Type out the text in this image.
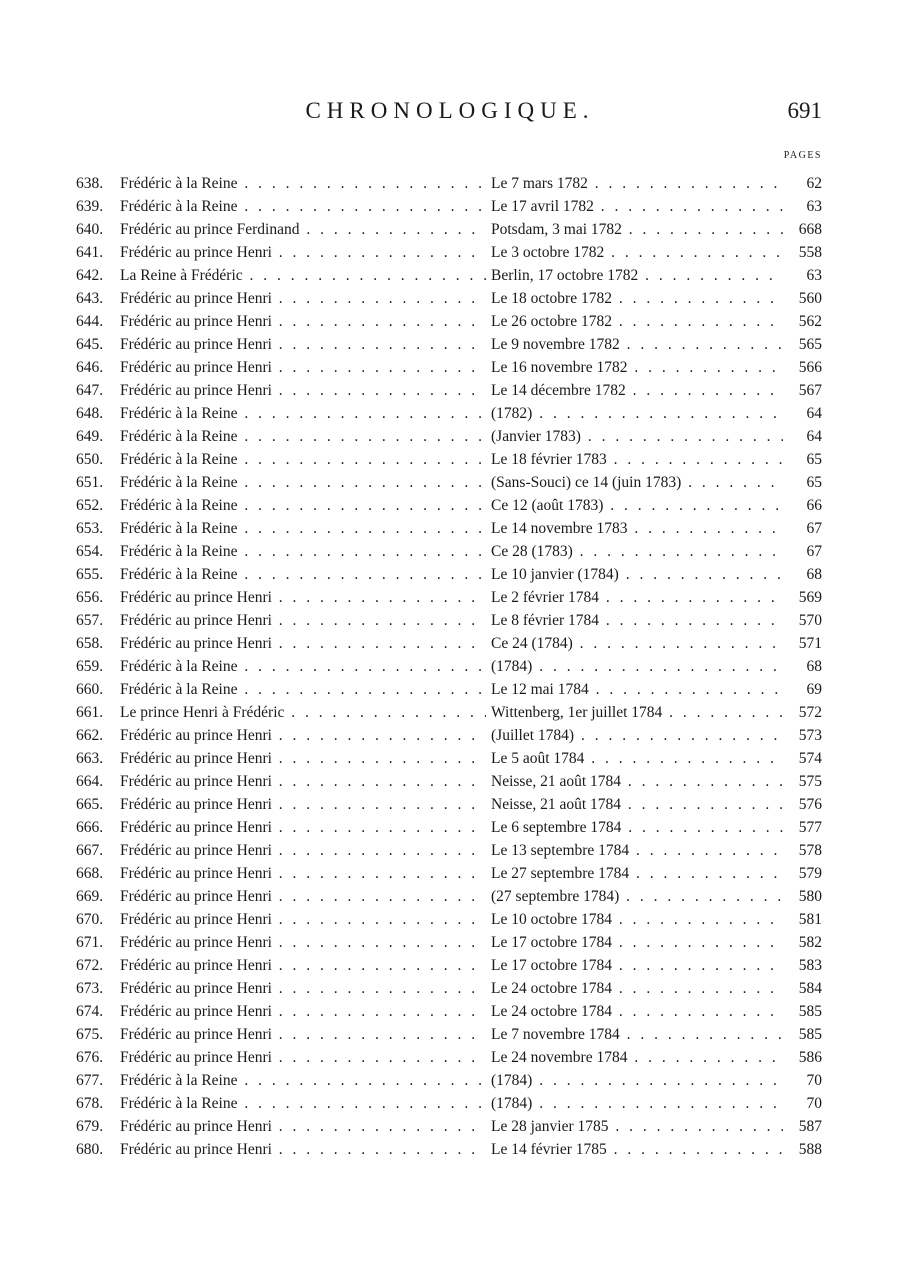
CHRONOLOGIQUE.	691
PAGES
638.	Frédéric à la Reine . . .	Le 7 mars 1782 . . .	62
639.	Frédéric à la Reine . . .	Le 17 avril 1782 . . .	63
640.	Frédéric au prince Ferdinand . . .	Potsdam, 3 mai 1782 . . .	668
641.	Frédéric au prince Henri . . .	Le 3 octobre 1782 . . .	558
642.	La Reine à Frédéric . . .	Berlin, 17 octobre 1782 . . .	63
643.	Frédéric au prince Henri . . .	Le 18 octobre 1782 . . .	560
644.	Frédéric au prince Henri . . .	Le 26 octobre 1782 . . .	562
645.	Frédéric au prince Henri . . .	Le 9 novembre 1782 . . .	565
646.	Frédéric au prince Henri . . .	Le 16 novembre 1782 . . .	566
647.	Frédéric au prince Henri . . .	Le 14 décembre 1782 . . .	567
648.	Frédéric à la Reine . . .	(1782) . . .	64
649.	Frédéric à la Reine . . .	(Janvier 1783) . . .	64
650.	Frédéric à la Reine . . .	Le 18 février 1783 . . .	65
651.	Frédéric à la Reine . . .	(Sans-Souci) ce 14 (juin 1783) . . .	65
652.	Frédéric à la Reine . . .	Ce 12 (août 1783) . . .	66
653.	Frédéric à la Reine . . .	Le 14 novembre 1783 . . .	67
654.	Frédéric à la Reine . . .	Ce 28 (1783) . . .	67
655.	Frédéric à la Reine . . .	Le 10 janvier (1784) . . .	68
656.	Frédéric au prince Henri . . .	Le 2 février 1784 . . .	569
657.	Frédéric au prince Henri . . .	Le 8 février 1784 . . .	570
658.	Frédéric au prince Henri . . .	Ce 24 (1784) . . .	571
659.	Frédéric à la Reine . . .	(1784) . . .	68
660.	Frédéric à la Reine . . .	Le 12 mai 1784 . . .	69
661.	Le prince Henri à Frédéric . . .	Wittenberg, 1er juillet 1784 . . .	572
662.	Frédéric au prince Henri . . .	(Juillet 1784) . . .	573
663.	Frédéric au prince Henri . . .	Le 5 août 1784 . . .	574
664.	Frédéric au prince Henri . . .	Neisse, 21 août 1784 . . .	575
665.	Frédéric au prince Henri . . .	Neisse, 21 août 1784 . . .	576
666.	Frédéric au prince Henri . . .	Le 6 septembre 1784 . . .	577
667.	Frédéric au prince Henri . . .	Le 13 septembre 1784 . . .	578
668.	Frédéric au prince Henri . . .	Le 27 septembre 1784 . . .	579
669.	Frédéric au prince Henri . . .	(27 septembre 1784) . . .	580
670.	Frédéric au prince Henri . . .	Le 10 octobre 1784 . . .	581
671.	Frédéric au prince Henri . . .	Le 17 octobre 1784 . . .	582
672.	Frédéric au prince Henri . . .	Le 17 octobre 1784 . . .	583
673.	Frédéric au prince Henri . . .	Le 24 octobre 1784 . . .	584
674.	Frédéric au prince Henri . . .	Le 24 octobre 1784 . . .	585
675.	Frédéric au prince Henri . . .	Le 7 novembre 1784 . . .	585
676.	Frédéric au prince Henri . . .	Le 24 novembre 1784 . . .	586
677.	Frédéric à la Reine . . .	(1784) . . .	70
678.	Frédéric à la Reine . . .	(1784) . . .	70
679.	Frédéric au prince Henri . . .	Le 28 janvier 1785 . . .	587
680.	Frédéric au prince Henri . . .	Le 14 février 1785 . . .	588
